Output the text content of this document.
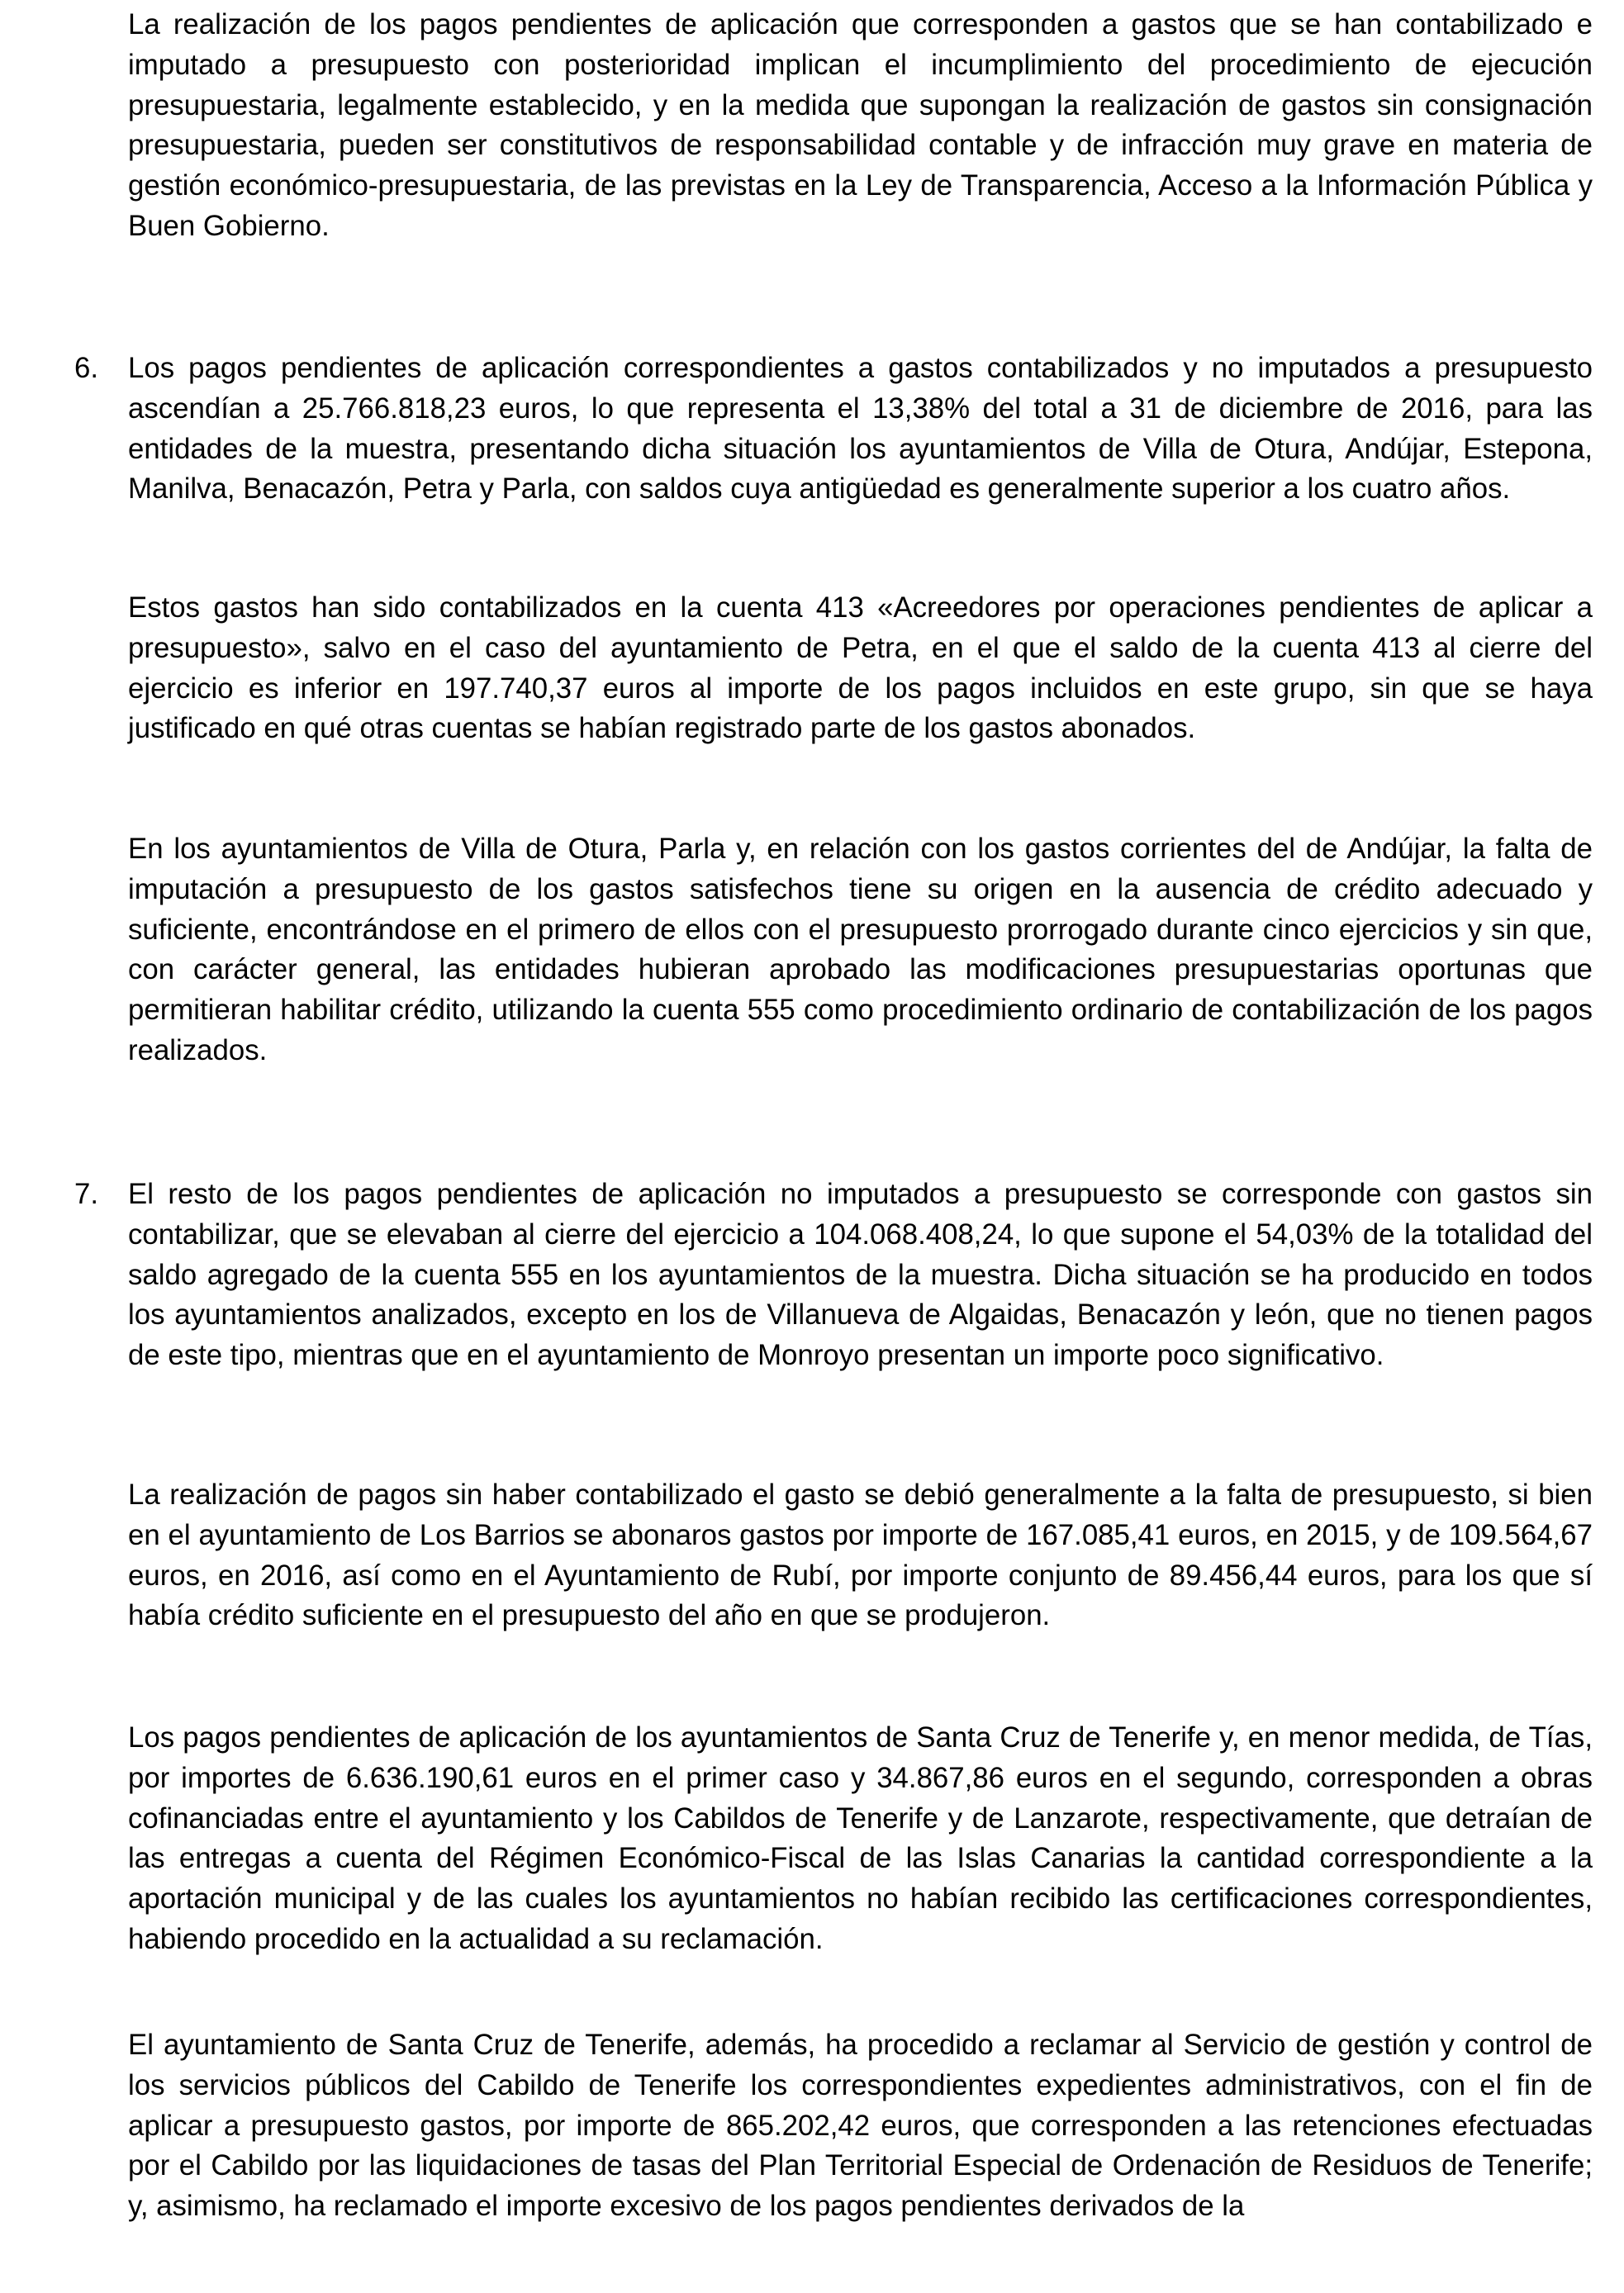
La realización de los pagos pendientes de aplicación que corresponden a gastos que se han contabilizado e imputado a presupuesto con posterioridad implican el incumplimiento del procedimiento de ejecución presupuestaria, legalmente establecido, y en la medida que supongan la realización de gastos sin consignación presupuestaria, pueden ser constitutivos de responsabilidad contable y de infracción muy grave en materia de gestión económico-presupuestaria, de las previstas en la Ley de Transparencia, Acceso a la Información Pública y Buen Gobierno.

6. Los pagos pendientes de aplicación correspondientes a gastos contabilizados y no imputados a presupuesto ascendían a 25.766.818,23 euros, lo que representa el 13,38% del total a 31 de diciembre de 2016, para las entidades de la muestra, presentando dicha situación los ayuntamientos de Villa de Otura, Andújar, Estepona, Manilva, Benacazón, Petra y Parla, con saldos cuya antigüedad es generalmente superior a los cuatro años.

Estos gastos han sido contabilizados en la cuenta 413 «Acreedores por operaciones pendientes de aplicar a presupuesto», salvo en el caso del ayuntamiento de Petra, en el que el saldo de la cuenta 413 al cierre del ejercicio es inferior en 197.740,37 euros al importe de los pagos incluidos en este grupo, sin que se haya justificado en qué otras cuentas se habían registrado parte de los gastos abonados.

En los ayuntamientos de Villa de Otura, Parla y, en relación con los gastos corrientes del de Andújar, la falta de imputación a presupuesto de los gastos satisfechos tiene su origen en la ausencia de crédito adecuado y suficiente, encontrándose en el primero de ellos con el presupuesto prorrogado durante cinco ejercicios y sin que, con carácter general, las entidades hubieran aprobado las modificaciones presupuestarias oportunas que permitieran habilitar crédito, utilizando la cuenta 555 como procedimiento ordinario de contabilización de los pagos realizados.

7. El resto de los pagos pendientes de aplicación no imputados a presupuesto se corresponde con gastos sin contabilizar, que se elevaban al cierre del ejercicio a 104.068.408,24, lo que supone el 54,03% de la totalidad del saldo agregado de la cuenta 555 en los ayuntamientos de la muestra. Dicha situación se ha producido en todos los ayuntamientos analizados, excepto en los de Villanueva de Algaidas, Benacazón y león, que no tienen pagos de este tipo, mientras que en el ayuntamiento de Monroyo presentan un importe poco significativo.

La realización de pagos sin haber contabilizado el gasto se debió generalmente a la falta de presupuesto, si bien en el ayuntamiento de Los Barrios se abonaros gastos por importe de 167.085,41 euros, en 2015, y de 109.564,67 euros, en 2016, así como en el Ayuntamiento de Rubí, por importe conjunto de 89.456,44 euros, para los que sí había crédito suficiente en el presupuesto del año en que se produjeron.

Los pagos pendientes de aplicación de los ayuntamientos de Santa Cruz de Tenerife y, en menor medida, de Tías, por importes de 6.636.190,61 euros en el primer caso y 34.867,86 euros en el segundo, corresponden a obras cofinanciadas entre el ayuntamiento y los Cabildos de Tenerife y de Lanzarote, respectivamente, que detraían de las entregas a cuenta del Régimen Económico-Fiscal de las Islas Canarias la cantidad correspondiente a la aportación municipal y de las cuales los ayuntamientos no habían recibido las certificaciones correspondientes, habiendo procedido en la actualidad a su reclamación.

El ayuntamiento de Santa Cruz de Tenerife, además, ha procedido a reclamar al Servicio de gestión y control de los servicios públicos del Cabildo de Tenerife los correspondientes expedientes administrativos, con el fin de aplicar a presupuesto gastos, por importe de 865.202,42 euros, que corresponden a las retenciones efectuadas por el Cabildo por las liquidaciones de tasas del Plan Territorial Especial de Ordenación de Residuos de Tenerife; y, asimismo, ha reclamado el importe excesivo de los pagos pendientes derivados de la
